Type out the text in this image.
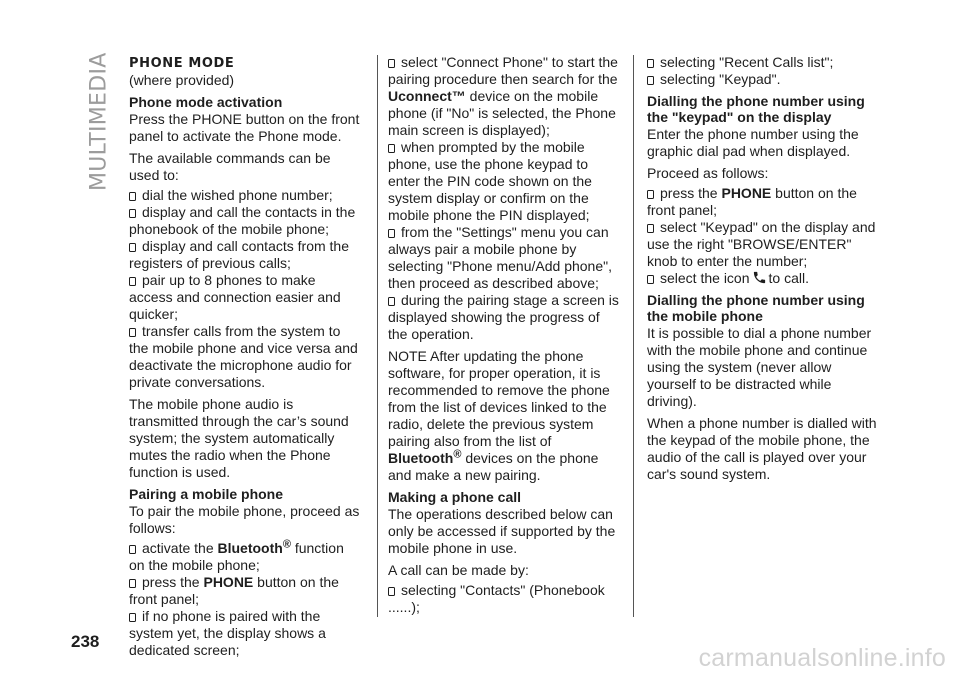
MULTIMEDIA PHONE MODE
(where provided)
Phone mode activation
Press the PHONE button on the front panel to activate the Phone mode.
The available commands can be used to:
dial the wished phone number;
display and call the contacts in the phonebook of the mobile phone;
display and call contacts from the registers of previous calls;
pair up to 8 phones to make access and connection easier and quicker;
transfer calls from the system to the mobile phone and vice versa and deactivate the microphone audio for private conversations.
The mobile phone audio is transmitted through the car’s sound system; the system automatically mutes the radio when the Phone function is used.
Pairing a mobile phone
To pair the mobile phone, proceed as follows:
activate the Bluetooth® function on the mobile phone;
press the PHONE button on the front panel;
if no phone is paired with the system yet, the display shows a dedicated screen;
select "Connect Phone" to start the pairing procedure then search for the Uconnect™ device on the mobile phone (if "No" is selected, the Phone main screen is displayed);
when prompted by the mobile phone, use the phone keypad to enter the PIN code shown on the system display or confirm on the mobile phone the PIN displayed;
from the "Settings" menu you can always pair a mobile phone by selecting "Phone menu/Add phone", then proceed as described above;
during the pairing stage a screen is displayed showing the progress of the operation.
NOTE After updating the phone software, for proper operation, it is recommended to remove the phone from the list of devices linked to the radio, delete the previous system pairing also from the list of Bluetooth® devices on the phone and make a new pairing.
Making a phone call
The operations described below can only be accessed if supported by the mobile phone in use.
A call can be made by:
selecting "Contacts" (Phonebook ......);
selecting "Recent Calls list";
selecting "Keypad".
Dialling the phone number using the "keypad" on the display
Enter the phone number using the graphic dial pad when displayed.
Proceed as follows:
press the PHONE button on the front panel;
select "Keypad" on the display and use the right "BROWSE/ENTER" knob to enter the number;
select the icon to call.
Dialling the phone number using the mobile phone
It is possible to dial a phone number with the mobile phone and continue using the system (never allow yourself to be distracted while driving).
When a phone number is dialled with the keypad of the mobile phone, the audio of the call is played over your car's sound system.
238
carmanualsonline.info
